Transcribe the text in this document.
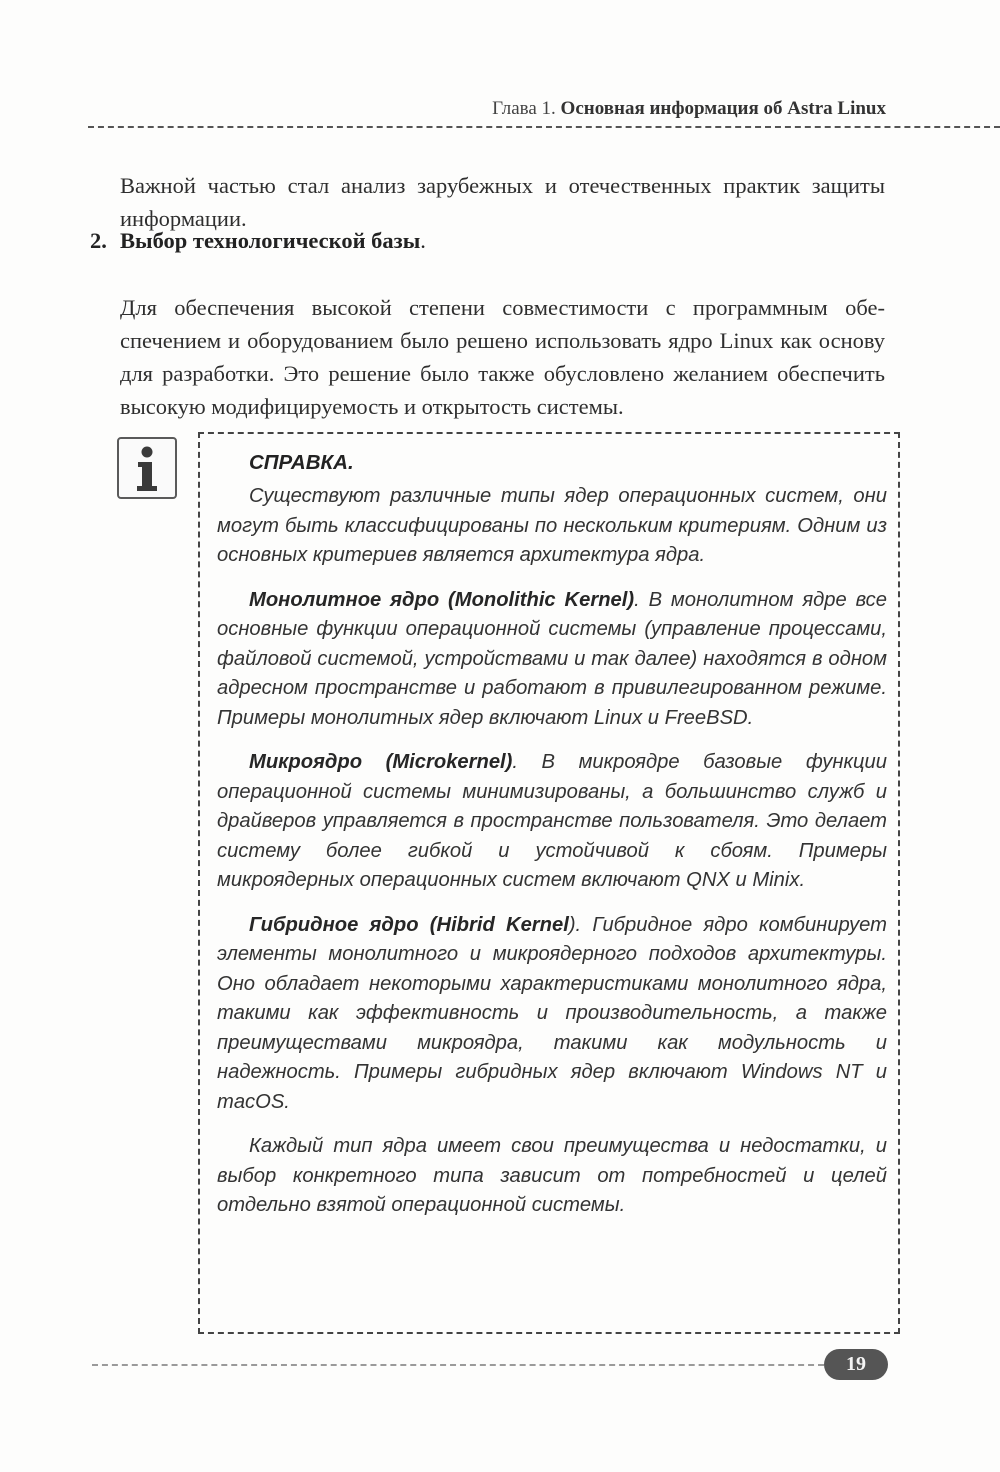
Глава 1. Основная информация об Astra Linux

Важной частью стал анализ зарубежных и отечественных практик защиты информации.

2. Выбор технологической базы.

Для обеспечения высокой степени совместимости с программным обеспечением и оборудованием было решено использовать ядро Linux как основу для разработки. Это решение было также обусловлено желанием обеспечить высокую модифицируемость и открытость системы.

СПРАВКА.

Существуют различные типы ядер операционных систем, они могут быть классифицированы по нескольким критериям. Одним из основных критериев является архитектура ядра.

Монолитное ядро (Monolithic Kernel). В монолитном ядре все основные функции операционной системы (управление процессами, файловой системой, устройствами и так далее) находятся в одном адресном пространстве и работают в привилегированном режиме. Примеры монолитных ядер включают Linux и FreeBSD.

Микроядро (Microkernel). В микроядре базовые функции операционной системы минимизированы, а большинство служб и драйверов управляется в пространстве пользователя. Это делает систему более гибкой и устойчивой к сбоям. Примеры микроядерных операционных систем включают QNX и Minix.

Гибридное ядро (Hibrid Kernel). Гибридное ядро комбинирует элементы монолитного и микроядерного подходов архитектуры. Оно обладает некоторыми характеристиками монолитного ядра, такими как эффективность и производительность, а также преимуществами микроядра, такими как модульность и надежность. Примеры гибридных ядер включают Windows NT и macOS.

Каждый тип ядра имеет свои преимущества и недостатки, и выбор конкретного типа зависит от потребностей и целей отдельно взятой операционной системы.

19
